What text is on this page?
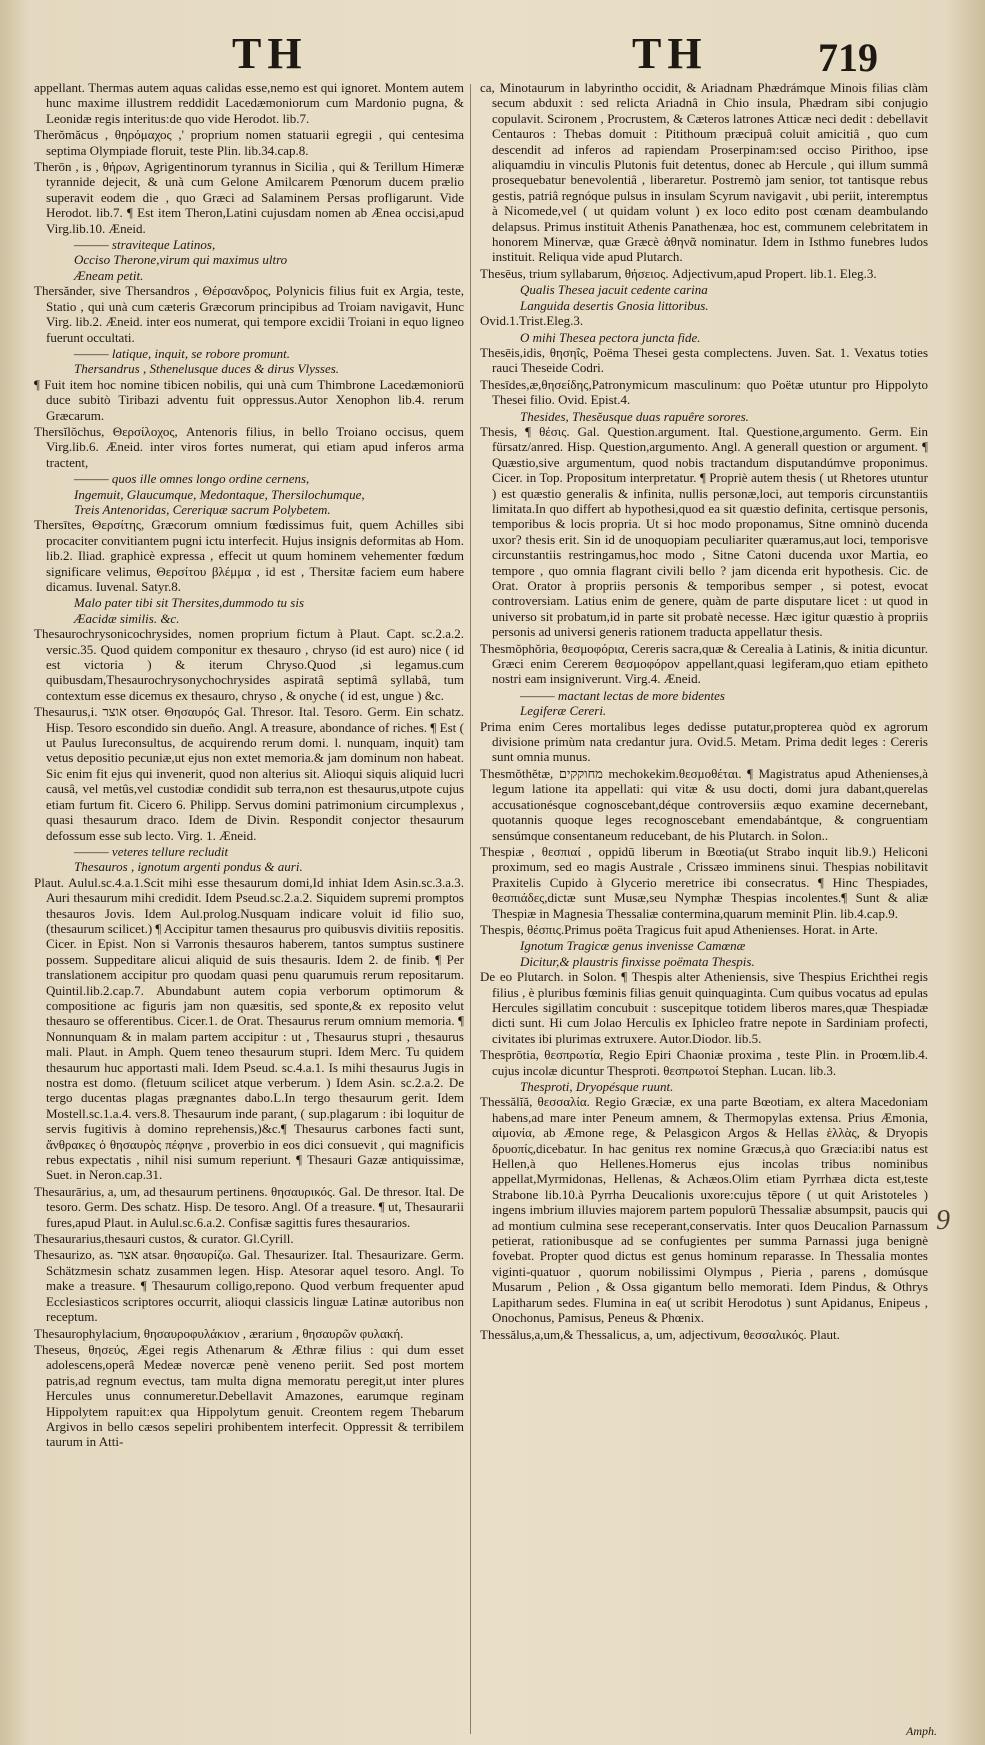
TH	TH	719

appellant. Thermas autem aquas calidas esse,nemo est qui ignoret. Montem autem hunc maxime illustrem reddidit Lacedæmoniorum cum Mardonio pugna, & Leonidæ regis interitus:de quo vide Herodot. lib.7.

Therŏmăcus , θηρόμαχος ,' proprium nomen statuarii egregii , qui centesima septima Olympiade floruit, teste Plin. lib.34.cap.8.

Therōn , is , θήρων, Agrigentinorum tyrannus in Sicilia , qui & Terillum Himeræ tyrannide dejecit, & unà cum Gelone Amilcarem Pœnorum ducem prælio superavit eodem die , quo Græci ad Salaminem Persas profligarunt. Vide Herodot. lib.7. ¶ Est item Theron,Latini cujusdam nomen ab Ænea occisi,apud Virg.lib.10. Æneid.

——— straviteque Latinos,

Occiso Therone,virum qui maximus ultro

Æneam petit.

Thersănder, sive Thersandros , Θέρσανδρος, Polynicis filius fuit ex Argia, teste, Statio , qui unà cum cæteris Græcorum principibus ad Troiam navigavit, Hunc Virg. lib.2. Æneid. inter eos numerat, qui tempore excidii Troiani in equo ligneo fuerunt occultati.

——— latique, inquit, se robore promunt.

Thersandrus , Sthenelusque duces & dirus Vlysses.

¶ Fuit item hoc nomine tibicen nobilis, qui unà cum Thimbrone Lacedæmoniorū duce subitò Tiribazi adventu fuit oppressus.Autor Xenophon lib.4. rerum Græcarum.

Thersĭlŏchus, Θερσίλοχος, Antenoris filius, in bello Troiano occisus, quem Virg.lib.6. Æneid. inter viros fortes numerat, qui etiam apud inferos arma tractent,

——— quos ille omnes longo ordine cernens,

Ingemuit, Glaucumque, Medontaque, Thersilochumque,

Treis Antenoridas, Cereriquæ sacrum Polybetem.

Thersītes, Θερσίτης, Græcorum omnium fœdissimus fuit, quem Achilles sibi procaciter convitiantem pugni ictu interfecit. Hujus insignis deformitas ab Hom. lib.2. Iliad. graphicè expressa , effecit ut quum hominem vehementer fœdum significare velimus, Θερσίτου βλέμμα , id est , Thersitæ faciem eum habere dicamus. Iuvenal. Satyr.8.

Malo pater tibi sit Thersites,dummodo tu sis

Æacidæ similis. &c.

Thesaurochrysonicochrysides, nomen proprium fictum à Plaut. Capt. sc.2.a.2. versic.35. Quod quidem componitur ex thesauro , chryso (id est auro) nice ( id est victoria ) & iterum Chryso.Quod ,si legamus.cum quibusdam,Thesaurochrysonychochrysides aspiratâ septimâ syllabâ, tum contextum esse dicemus ex thesauro, chryso , & onyche ( id est, ungue ) &c.

Thesaurus,i. אוצר otser. Θησαυρός Gal. Thresor. Ital. Tesoro. Germ. Ein schatz. Hisp. Tesoro escondido sin dueño. Angl. A treasure, abondance of riches. ¶ Est ( ut Paulus Iureconsultus, de acquirendo rerum domi. l. nunquam, inquit) tam vetus depositio pecuniæ,ut ejus non extet memoria.& jam dominum non habeat. Sic enim fit ejus qui invenerit, quod non alterius sit. Alioqui siquis aliquid lucri causâ, vel metûs,vel custodiæ condidit sub terra,non est thesaurus,utpote cujus etiam furtum fit. Cicero 6. Philipp. Servus domini patrimonium circumplexus , quasi thesaurum draco. Idem de Divin. Respondit conjector thesaurum defossum esse sub lecto. Virg. 1. Æneid.

——— veteres tellure recludit

Thesauros , ignotum argenti pondus & auri.

Plaut. Aulul.sc.4.a.1.Scit mihi esse thesaurum domi,Id inhiat Idem Asin.sc.3.a.3. Auri thesaurum mihi credidit. Idem Pseud.sc.2.a.2. Siquidem supremi promptos thesauros Jovis. Idem Aul.prolog.Nusquam indicare voluit id filio suo,(thesaurum scilicet.) ¶ Accipitur tamen thesaurus pro quibusvis divitiis repositis. Cicer. in Epist. Non si Varronis thesauros haberem, tantos sumptus sustinere possem. Suppeditare alicui aliquid de suis thesauris. Idem 2. de finib. ¶ Per translationem accipitur pro quodam quasi penu quarumuis rerum repositarum. Quintil.lib.2.cap.7. Abundabunt autem copia verborum optimorum & compositione ac figuris jam non quæsitis, sed sponte,& ex reposito velut thesauro se offerentibus. Cicer.1. de Orat. Thesaurus rerum omnium memoria. ¶ Nonnunquam & in malam partem accipitur : ut , Thesaurus stupri , thesaurus mali. Plaut. in Amph. Quem teneo thesaurum stupri. Idem Merc. Tu quidem thesaurum huc apportasti mali. Idem Pseud. sc.4.a.1. Is mihi thesaurus Jugis in nostra est domo. (fletuum scilicet atque verberum. ) Idem Asin. sc.2.a.2. De tergo ducentas plagas prægnantes dabo.L.In tergo thesaurum gerit. Idem Mostell.sc.1.a.4. vers.8. Thesaurum inde parant, ( sup.plagarum : ibi loquitur de servis fugitivis à domino reprehensis,)&c.¶ Thesaurus carbones facti sunt, ἄνθρακες ὁ θησαυρὸς πέφηνε , proverbio in eos dici consuevit , qui magnificis rebus expectatis , nihil nisi sumum reperiunt. ¶ Thesauri Gazæ antiquissimæ, Suet. in Neron.cap.31.

Thesaurārius, a, um, ad thesaurum pertinens. θησαυρικός. Gal. De thresor. Ital. De tesoro. Germ. Des schatz. Hisp. De tesoro. Angl. Of a treasure. ¶ ut, Thesaurarii fures,apud Plaut. in Aulul.sc.6.a.2. Confisæ sagittis fures thesaurarios.

Thesaurarius,thesauri custos, & curator. Gl.Cyrill.

Thesaurizo, as. אצר atsar. θησαυρίζω. Gal. Thesaurizer. Ital. Thesaurizare. Germ. Schätzmesin schatz zusammen legen. Hisp. Atesorar aquel tesoro. Angl. To make a treasure. ¶ Thesaurum colligo,repono. Quod verbum frequenter apud Ecclesiasticos scriptores occurrit, alioqui classicis linguæ Latinæ autoribus non receptum.

Thesaurophylacium, θησαυροφυλάκιον , ærarium , θησαυρῶν φυλακή.

Theseus, θησεύς, Ægei regis Athenarum & Æthræ filius : qui dum esset adolescens,operâ Medeæ novercæ penè veneno periit. Sed post mortem patris,ad regnum evectus, tam multa digna memoratu peregit,ut inter plures Hercules unus connumeretur.Debellavit Amazones, earumque reginam Hippolytem rapuit:ex qua Hippolytum genuit. Creontem regem Thebarum Argivos in bello cæsos sepeliri prohibentem interfecit. Oppressit & terribilem taurum in Atti-

ca, Minotaurum in labyrintho occidit, & Ariadnam Phædrámque Minois filias clàm secum abduxit : sed relicta Ariadnâ in Chio insula, Phædram sibi conjugio copulavit. Scironem , Procrustem, & Cæteros latrones Atticæ neci dedit : debellavit Centauros : Thebas domuit : Pitithoum præcipuâ coluit amicitiâ , quo cum descendit ad inferos ad rapiendam Proserpinam:sed occiso Pirithoo, ipse aliquamdiu in vinculis Plutonis fuit detentus, donec ab Hercule , qui illum summâ prosequebatur benevolentiâ , liberaretur. Postremò jam senior, tot tantisque rebus gestis, patriâ regnóque pulsus in insulam Scyrum navigavit , ubi periit, interemptus à Nicomede,vel ( ut quidam volunt ) ex loco edito post cœnam deambulando delapsus. Primus instituit Athenis Panathenæa, hoc est, communem celebritatem in honorem Minervæ, quæ Græcè ἀθηνᾶ nominatur. Idem in Isthmo funebres ludos instituit. Reliqua vide apud Plutarch.

Thesēus, trium syllabarum, θήσειος. Adjectivum,apud Propert. lib.1. Eleg.3.

Qualis Thesea jacuit cedente carina

Languida desertis Gnosia littoribus.

Ovid.1.Trist.Eleg.3.

O mihi Thesea pectora juncta fide.

Thesēis,idis, θησηΐς, Poëma Thesei gesta complectens. Juven. Sat. 1. Vexatus toties rauci Theseide Codri.

Thesīdes,æ,θησείδης,Patronymicum masculinum: quo Poëtæ utuntur pro Hippolyto Thesei filio. Ovid. Epist.4.

Thesides, Thesĕusque duas rapuêre sorores.

Thesis, ¶ θέσις. Gal. Question.argument. Ital. Questione,argumento. Germ. Ein fürsatz/anred. Hisp. Question,argumento. Angl. A generall question or argument. ¶ Quæstio,sive argumentum, quod nobis tractandum disputandúmve proponimus. Cicer. in Top. Propositum interpretatur. ¶ Propriè autem thesis ( ut Rhetores utuntur ) est quæstio generalis & infinita, nullis personæ,loci, aut temporis circunstantiis limitata.In quo differt ab hypothesi,quod ea sit quæstio definita, certisque personis, temporibus & locis propria. Ut si hoc modo proponamus, Sitne omninò ducenda uxor? thesis erit. Sin id de unoquopiam peculiariter quæramus,aut loci, temporisve circunstantiis restringamus,hoc modo , Sitne Catoni ducenda uxor Martia, eo tempore , quo omnia flagrant civili bello ? jam dicenda erit hypothesis. Cic. de Orat. Orator à propriis personis & temporibus semper , si potest, evocat controversiam. Latius enim de genere, quàm de parte disputare licet : ut quod in universo sit probatum,id in parte sit probatè necesse. Hæc igitur quæstio à propriis personis ad universi generis rationem traducta appellatur thesis.

Thesmŏphŏria, θεσμοφόρια, Cereris sacra,quæ & Cerealia à Latinis, & initia dicuntur. Græci enim Cererem θεσμοφόρον appellant,quasi legiferam,quo etiam epitheto nostri eam insigniverunt. Virg.4. Æneid.

——— mactant lectas de more bidentes

Legiferæ Cereri.

Prima enim Ceres mortalibus leges dedisse putatur,propterea quòd ex agrorum divisione primùm nata credantur jura. Ovid.5. Metam. Prima dedit leges : Cereris sunt omnia munus.

Thesmŏthĕtæ, מחוקקים mechokekim.θεσμοθέται. ¶ Magistratus apud Athenienses,à legum latione ita appellati: qui vitæ & usu docti, domi jura dabant,querelas accusationésque cognoscebant,déque controversiis æquo examine decernebant, quotannis quoque leges recognoscebant emendabántque, & congruentiam sensúmque consentaneum reducebant, de his Plutarch. in Solon..

Thespiæ , θεσπιαί , oppidū liberum in Bœotia(ut Strabo inquit lib.9.) Heliconi proximum, sed eo magis Australe , Crissæo imminens sinui. Thespias nobilitavit Praxitelis Cupido à Glycerio meretrice ibi consecratus. ¶ Hinc Thespiades, θεσπιάδες,dictæ sunt Musæ,seu Nymphæ Thespias incolentes.¶ Sunt & aliæ Thespiæ in Magnesia Thessaliæ contermina,quarum meminit Plin. lib.4.cap.9.

Thespis, θέσπις.Primus poëta Tragicus fuit apud Athenienses. Horat. in Arte.

Ignotum Tragicæ genus invenisse Camœnæ

Dicitur,& plaustris finxisse poëmata Thespis.

De eo Plutarch. in Solon. ¶ Thespis alter Atheniensis, sive Thespius Erichthei regis filius , è pluribus fœminis filias genuit quinquaginta. Cum quibus vocatus ad epulas Hercules sigillatim concubuit : suscepitque totidem liberos mares,quæ Thespiadæ dicti sunt. Hi cum Jolao Herculis ex Iphicleo fratre nepote in Sardiniam profecti, civitates ibi plurimas extruxere. Autor.Diodor. lib.5.

Thesprōtia, θεσπρωτία, Regio Epiri Chaoniæ proxima , teste Plin. in Proœm.lib.4. cujus incolæ dicuntur Thesproti. θεσπρωτοί Stephan. Lucan. lib.3.

Thesproti, Dryopésque ruunt.

Thessălĭă, θεσσαλία. Regio Græciæ, ex una parte Bœotiam, ex altera Macedoniam habens,ad mare inter Peneum amnem, & Thermopylas extensa. Prius Æmonia, αἱμονία, ab Æmone rege, & Pelasgicon Argos & Hellas ἑλλὰς, & Dryopis δρυοπίς,dicebatur. In hac genitus rex nomine Græcus,à quo Græcia:ibi natus est Hellen,à quo Hellenes.Homerus ejus incolas tribus nominibus appellat,Myrmidonas, Hellenas, & Achæos.Olim etiam Pyrrhæa dicta est,teste Strabone lib.10.à Pyrrha Deucalionis uxore:cujus tēpore ( ut quit Aristoteles ) ingens imbrium illuvies majorem partem populorū Thessaliæ absumpsit, paucis qui ad montium culmina sese receperant,conservatis. Inter quos Deucalion Parnassum petierat, rationibusque ad se confugientes per summa Parnassi juga benignè fovebat. Propter quod dictus est genus hominum reparasse. In Thessalia montes viginti-quatuor , quorum nobilissimi Olympus , Pieria , parens , domúsque Musarum , Pelion , & Ossa gigantum bello memorati. Idem Pindus, & Othrys Lapitharum sedes. Flumina in ea( ut scribit Herodotus ) sunt Apidanus, Enipeus , Onochonus, Pamisus, Peneus & Phœnix.

Thessălus,a,um,& Thessalicus, a, um, adjectivum, θεσσαλικός. Plaut.

9
Amph.
